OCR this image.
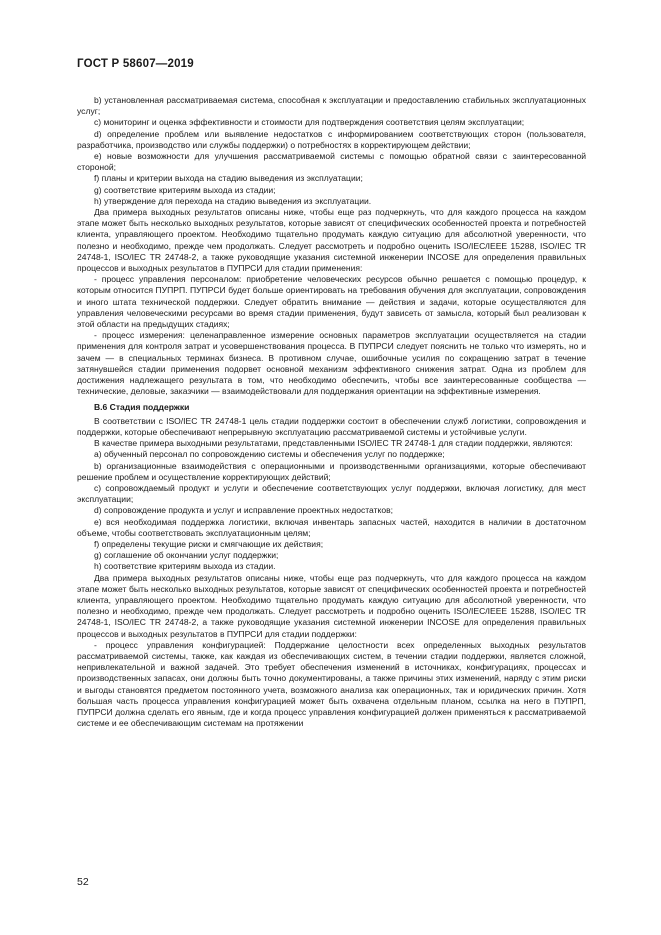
ГОСТ Р 58607—2019

b) установленная рассматриваемая система, способная к эксплуатации и предоставлению стабильных эксплуатационных услуг;

c) мониторинг и оценка эффективности и стоимости для подтверждения соответствия целям эксплуатации;

d) определение проблем или выявление недостатков с информированием соответствующих сторон (пользователя, разработчика, производство или службы поддержки) о потребностях в корректирующем действии;

e) новые возможности для улучшения рассматриваемой системы с помощью обратной связи с заинтересованной стороной;

f) планы и критерии выхода на стадию выведения из эксплуатации;

g) соответствие критериям выхода из стадии;

h) утверждение для перехода на стадию выведения из эксплуатации.

Два примера выходных результатов описаны ниже, чтобы еще раз подчеркнуть, что для каждого процесса на каждом этапе может быть несколько выходных результатов, которые зависят от специфических особенностей проекта и потребностей клиента, управляющего проектом. Необходимо тщательно продумать каждую ситуацию для абсолютной уверенности, что полезно и необходимо, прежде чем продолжать. Следует рассмотреть и подробно оценить ISO/IEC/IEEE 15288, ISO/IEC TR 24748-1, ISO/IEC TR 24748-2, а также руководящие указания системной инженерии INCOSE для определения правильных процессов и выходных результатов в ПУПРСИ для стадии применения:

- процесс управления персоналом: приобретение человеческих ресурсов обычно решается с помощью процедур, к которым относится ПУПРП. ПУПРСИ будет больше ориентировать на требования обучения для эксплуатации, сопровождения и иного штата технической поддержки. Следует обратить внимание — действия и задачи, которые осуществляются для управления человеческими ресурсами во время стадии применения, будут зависеть от замысла, который был реализован к этой области на предыдущих стадиях;

- процесс измерения: целенаправленное измерение основных параметров эксплуатации осуществляется на стадии применения для контроля затрат и усовершенствования процесса. В ПУПРСИ следует пояснить не только что измерять, но и зачем — в специальных терминах бизнеса. В противном случае, ошибочные усилия по сокращению затрат в течение затянувшейся стадии применения подорвет основной механизм эффективного снижения затрат. Одна из проблем для достижения надлежащего результата в том, что необходимо обеспечить, чтобы все заинтересованные сообщества —технические, деловые, заказчики — взаимодействовали для поддержания ориентации на эффективные измерения.

B.6 Стадия поддержки

В соответствии с ISO/IEC TR 24748-1 цель стадии поддержки состоит в обеспечении служб логистики, сопровождения и поддержки, которые обеспечивают непрерывную эксплуатацию рассматриваемой системы и устойчивые услуги.

В качестве примера выходными результатами, представленными ISO/IEC TR 24748-1 для стадии поддержки, являются:

a) обученный персонал по сопровождению системы и обеспечения услуг по поддержке;

b) организационные взаимодействия с операционными и производственными организациями, которые обеспечивают решение проблем и осуществление корректирующих действий;

c) сопровождаемый продукт и услуги и обеспечение соответствующих услуг поддержки, включая логистику, для мест эксплуатации;

d) сопровождение продукта и услуг и исправление проектных недостатков;

e) вся необходимая поддержка логистики, включая инвентарь запасных частей, находится в наличии в достаточном объеме, чтобы соответствовать эксплуатационным целям;

f) определены текущие риски и смягчающие их действия;

g) соглашение об окончании услуг поддержки;

h) соответствие критериям выхода из стадии.

Два примера выходных результатов описаны ниже, чтобы еще раз подчеркнуть, что для каждого процесса на каждом этапе может быть несколько выходных результатов, которые зависят от специфических особенностей проекта и потребностей клиента, управляющего проектом. Необходимо тщательно продумать каждую ситуацию для абсолютной уверенности, что полезно и необходимо, прежде чем продолжать. Следует рассмотреть и подробно оценить ISO/IEC/IEEE 15288, ISO/IEC TR 24748-1, ISO/IEC TR 24748-2, а также руководящие указания системной инженерии INCOSE для определения правильных процессов и выходных результатов в ПУПРСИ для стадии поддержки:

- процесс управления конфигурацией: Поддержание целостности всех определенных выходных результатов рассматриваемой системы, также, как каждая из обеспечивающих систем, в течении стадии поддержки, является сложной, непривлекательной и важной задачей. Это требует обеспечения изменений в источниках, конфигурациях, процессах и производственных запасах, они должны быть точно документированы, а также причины этих изменений, наряду с этим риски и выгоды становятся предметом постоянного учета, возможного анализа как операционных, так и юридических причин. Хотя большая часть процесса управления конфигурацией может быть охвачена отдельным планом, ссылка на него в ПУПРП, ПУПРСИ должна сделать его явным, где и когда процесс управления конфигурацией должен применяться к рассматриваемой системе и ее обеспечивающим системам на протяжении

52
